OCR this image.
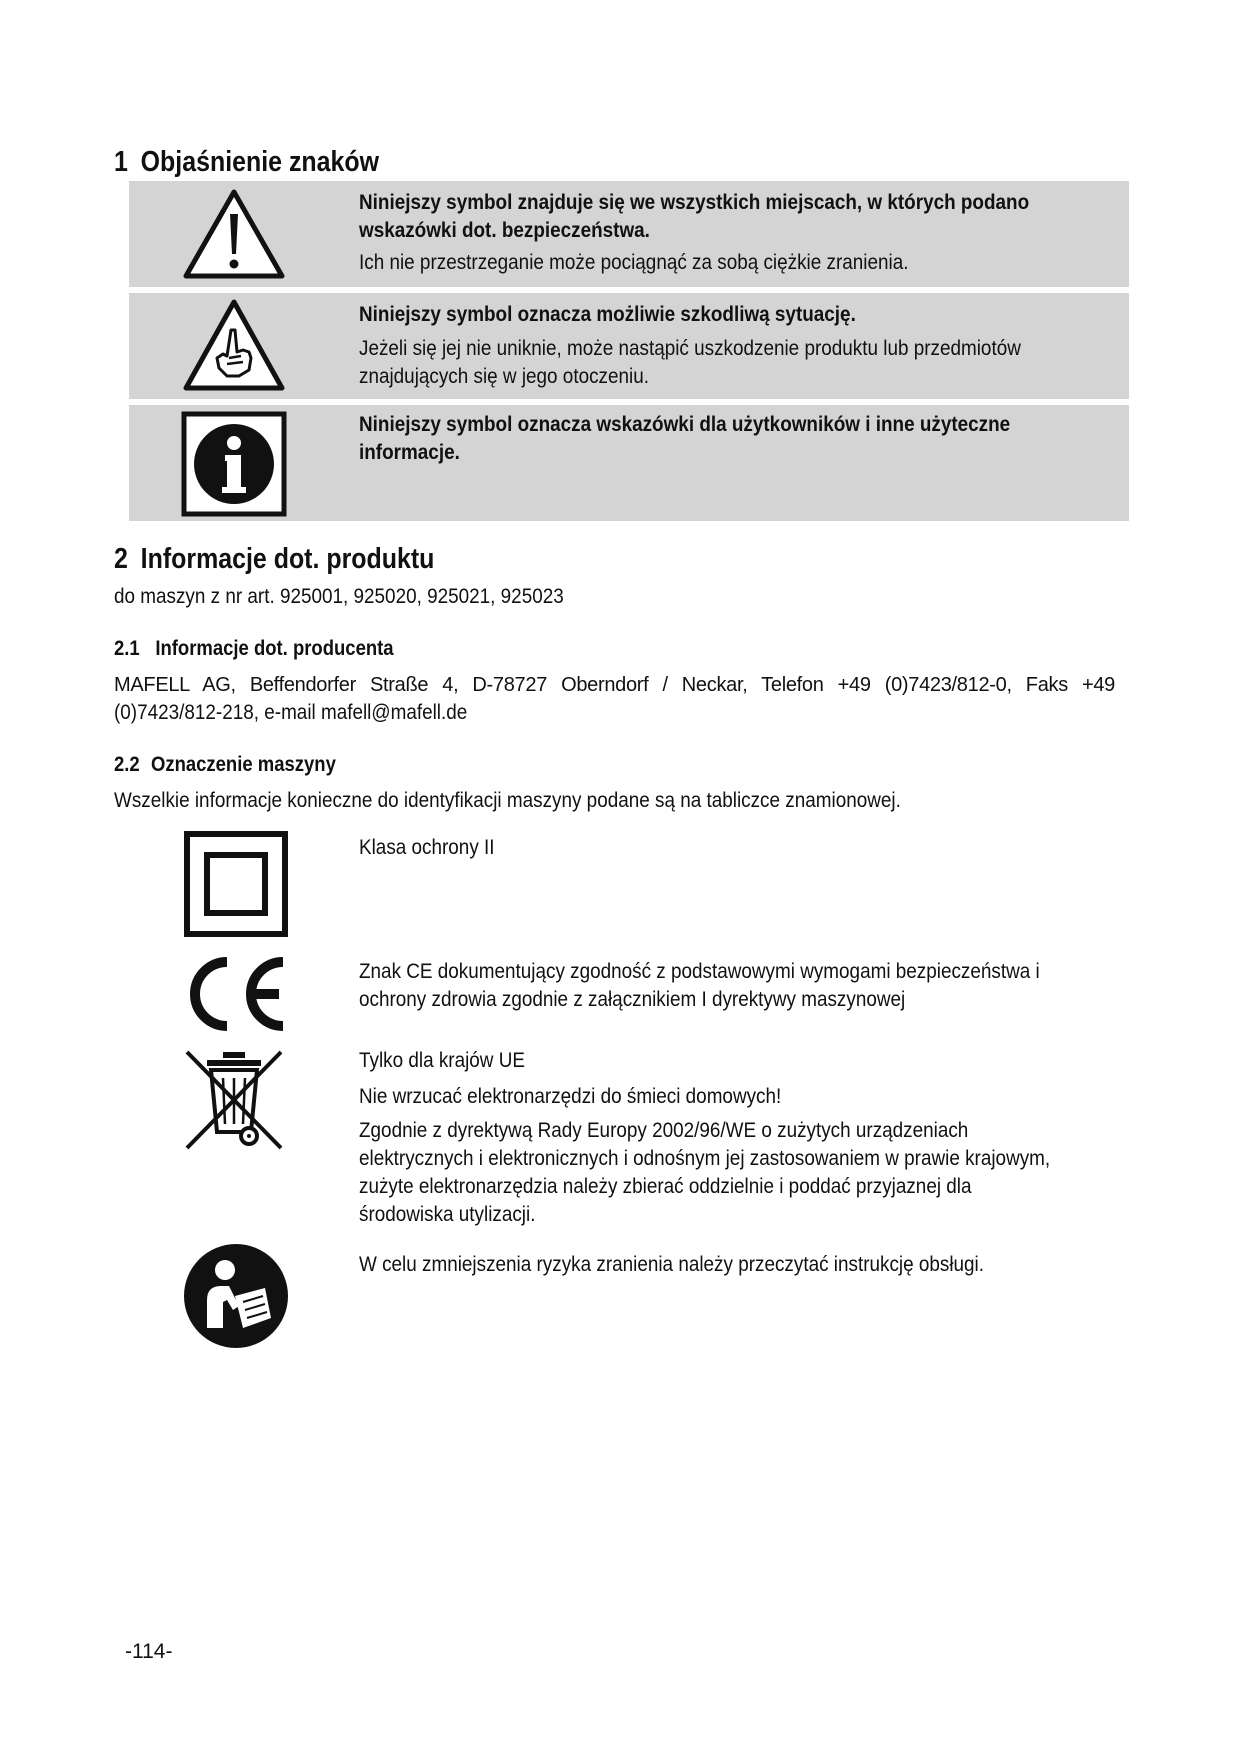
1 Objaśnienie znaków
Niniejszy symbol znajduje się we wszystkich miejscach, w których podano
wskazówki dot. bezpieczeństwa.
Ich nie przestrzeganie może pociągnąć za sobą ciężkie zranienia.
Niniejszy symbol oznacza możliwie szkodliwą sytuację.
Jeżeli się jej nie uniknie, może nastąpić uszkodzenie produktu lub przedmiotów
znajdujących się w jego otoczeniu.
Niniejszy symbol oznacza wskazówki dla użytkowników i inne użyteczne
informacje.
2 Informacje dot. produktu
do maszyn z nr art. 925001, 925020, 925021, 925023
2.1 Informacje dot. producenta
MAFELL AG, Beffendorfer Straße 4, D-78727 Oberndorf / Neckar, Telefon +49 (0)7423/812-0, Faks +49
(0)7423/812-218, e-mail mafell@mafell.de
2.2 Oznaczenie maszyny
Wszelkie informacje konieczne do identyfikacji maszyny podane są na tabliczce znamionowej.

Klasa ochrony II

Znak CE dokumentujący zgodność z podstawowymi wymogami bezpieczeństwa i

ochrony zdrowia zgodnie z załącznikiem I dyrektywy maszynowej

Tylko dla krajów UE

Nie wrzucać elektronarzędzi do śmieci domowych!

Zgodnie z dyrektywą Rady Europy 2002/96/WE o zużytych urządzeniach

elektrycznych i elektronicznych i odnośnym jej zastosowaniem w prawie krajowym,

zużyte elektronarzędzia należy zbierać oddzielnie i poddać przyjaznej dla

środowiska utylizacji.

W celu zmniejszenia ryzyka zranienia należy przeczytać instrukcję obsługi.

-114-
